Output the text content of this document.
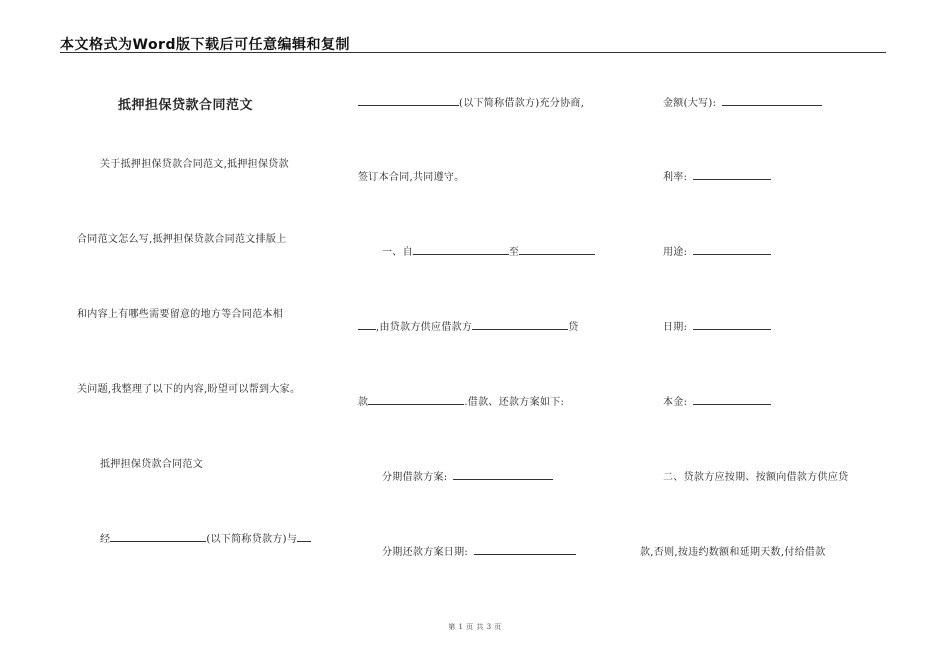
本文格式为Word版下载后可任意编辑和复制
抵押担保贷款合同范文
关于抵押担保贷款合同范文,抵押担保贷款
合同范文怎么写,抵押担保贷款合同范文排版上
和内容上有哪些需要留意的地方等合同范本相
关问题,我整理了以下的内容,盼望可以帮到大家。
抵押担保贷款合同范文
经	(以下简称贷款方)与
(以下简称借款方)充分协商,
签订本合同,共同遵守。
一、自	至
,由贷款方供应借款方	贷
款	.借款、还款方案如下:
分期借款方案:
分期还款方案日期:
金额(大写):
利率:
用途:
日期:
本金:
二、贷款方应按期、按额向借款方供应贷
款,否则,按违约数额和延期天数,付给借款
第 1 页 共 3 页
